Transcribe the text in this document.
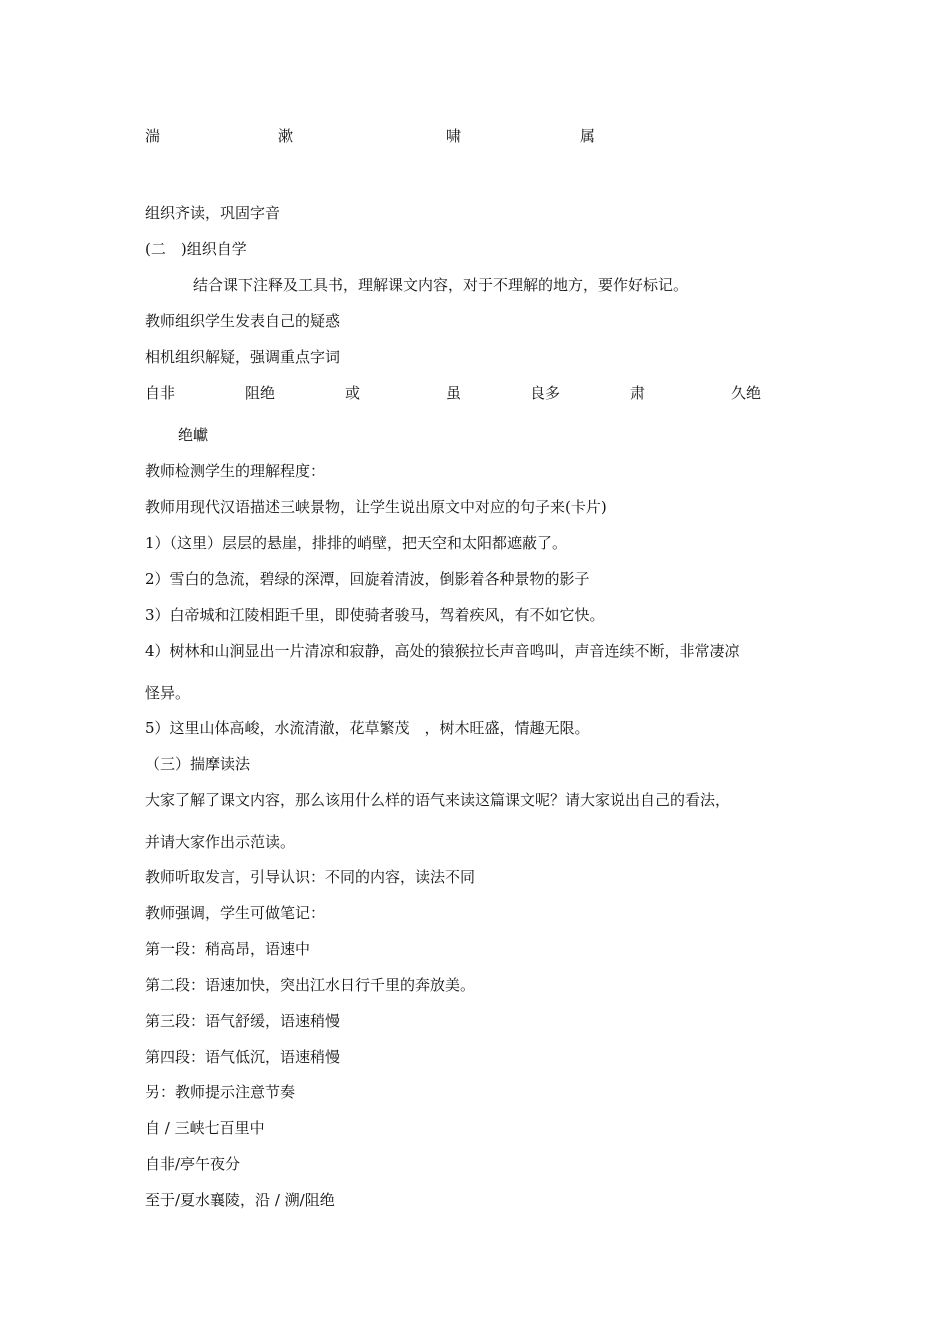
湍	漱	啸	属
组织齐读，巩固字音
(二　)组织自学
结合课下注释及工具书，理解课文内容，对于不理解的地方，要作好标记。
教师组织学生发表自己的疑惑
相机组织解疑，强调重点字词
自非	阻绝	或	虽	良多	肃	久绝
绝巘
教师检测学生的理解程度：
教师用现代汉语描述三峡景物，让学生说出原文中对应的句子来(卡片)
1）（这里）层层的悬崖，排排的峭壁，把天空和太阳都遮蔽了。
2）雪白的急流，碧绿的深潭，回旋着清波，倒影着各种景物的影子
3）白帝城和江陵相距千里，即使骑者骏马，驾着疾风，有不如它快。
4）树林和山涧显出一片清凉和寂静，高处的猿猴拉长声音鸣叫，声音连续不断，非常凄凉
怪异。
5）这里山体高峻，水流清澈，花草繁茂　，树木旺盛，情趣无限。
（三）揣摩读法
大家了解了课文内容，那么该用什么样的语气来读这篇课文呢？请大家说出自己的看法，
并请大家作出示范读。
教师听取发言，引导认识：不同的内容，读法不同
教师强调，学生可做笔记：
第一段：稍高昂，语速中
第二段：语速加快，突出江水日行千里的奔放美。
第三段：语气舒缓，语速稍慢
第四段：语气低沉，语速稍慢
另：教师提示注意节奏
自 / 三峡七百里中
自非/亭午夜分
至于/夏水襄陵，沿 / 溯/阻绝
